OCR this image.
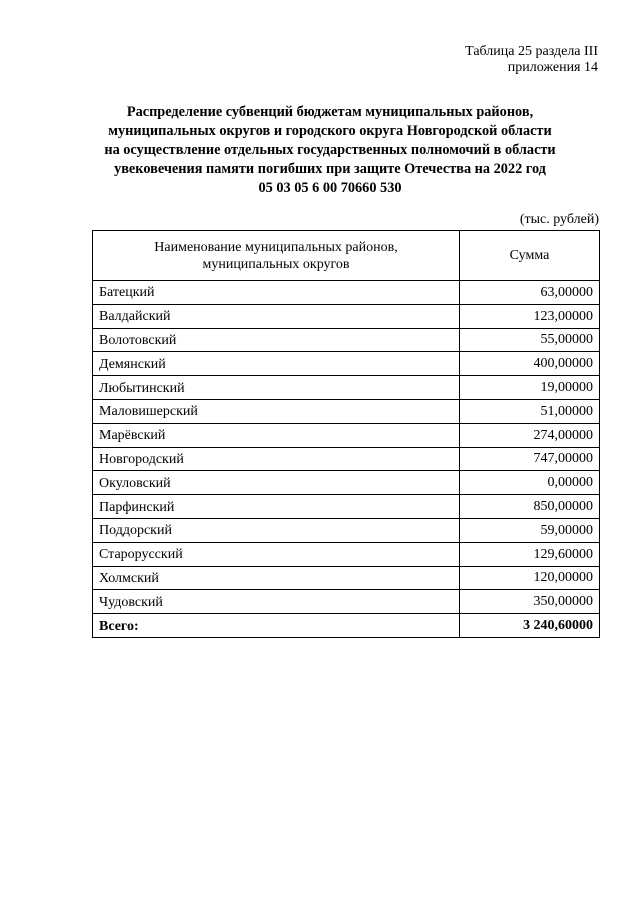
Таблица 25 раздела III
приложения 14
Распределение субвенций бюджетам муниципальных районов,
муниципальных округов и городского округа Новгородской области
на осуществление отдельных государственных полномочий в области
увековечения памяти погибших при защите Отечества на 2022 год
05 03 05 6 00 70660 530
(тыс. рублей)
Наименование муниципальных районов,
муниципальных округов	Сумма
Батецкий	63,00000
Валдайский	123,00000
Волотовский	55,00000
Демянский	400,00000
Любытинский	19,00000
Маловишерский	51,00000
Марёвский	274,00000
Новгородский	747,00000
Окуловский	0,00000
Парфинский	850,00000
Поддорский	59,00000
Старорусский	129,60000
Холмский	120,00000
Чудовский	350,00000
Всего:	3 240,60000
